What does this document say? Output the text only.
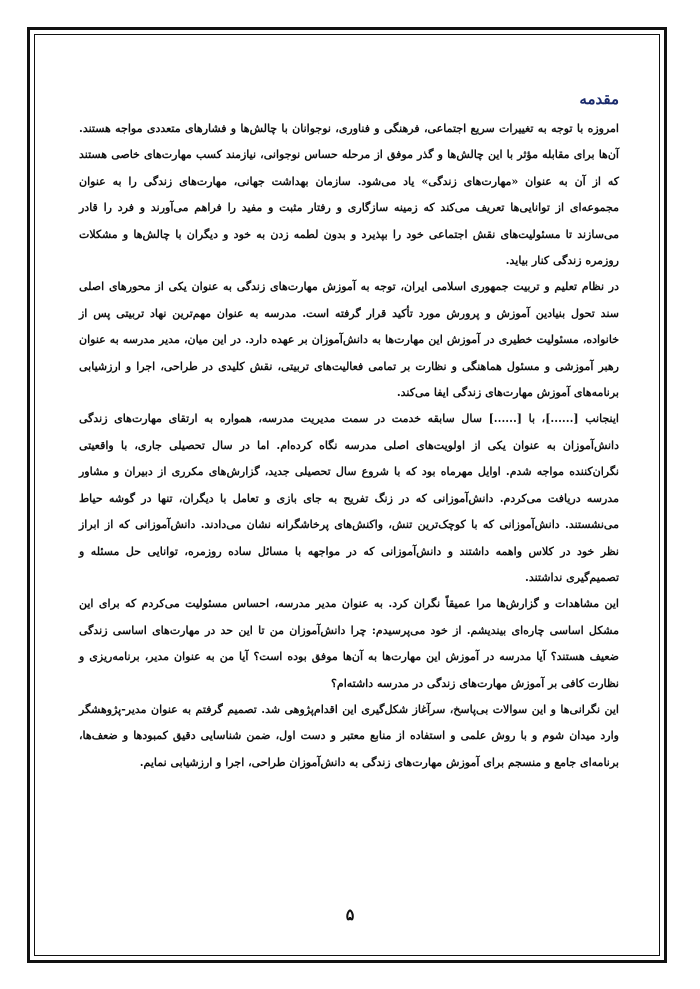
مقدمه

امروزه با توجه به تغییرات سریع اجتماعی، فرهنگی و فناوری، نوجوانان با چالش‌ها و فشارهای متعددی مواجه هستند. آن‌ها برای مقابله مؤثر با این چالش‌ها و گذر موفق از مرحله حساس نوجوانی، نیازمند کسب مهارت‌های خاصی هستند که از آن به عنوان «مهارت‌های زندگی» یاد می‌شود. سازمان بهداشت جهانی، مهارت‌های زندگی را به عنوان مجموعه‌ای از توانایی‌ها تعریف می‌کند که زمینه سازگاری و رفتار مثبت و مفید را فراهم می‌آورند و فرد را قادر می‌سازند تا مسئولیت‌های نقش اجتماعی خود را بپذیرد و بدون لطمه زدن به خود و دیگران با چالش‌ها و مشکلات روزمره زندگی کنار بیاید.

در نظام تعلیم و تربیت جمهوری اسلامی ایران، توجه به آموزش مهارت‌های زندگی به عنوان یکی از محورهای اصلی سند تحول بنیادین آموزش و پرورش مورد تأکید قرار گرفته است. مدرسه به عنوان مهم‌ترین نهاد تربیتی پس از خانواده، مسئولیت خطیری در آموزش این مهارت‌ها به دانش‌آموزان بر عهده دارد. در این میان، مدیر مدرسه به عنوان رهبر آموزشی و مسئول هماهنگی و نظارت بر تمامی فعالیت‌های تربیتی، نقش کلیدی در طراحی، اجرا و ارزشیابی برنامه‌های آموزش مهارت‌های زندگی ایفا می‌کند.

اینجانب [......]، با [......] سال سابقه خدمت در سمت مدیریت مدرسه، همواره به ارتقای مهارت‌های زندگی دانش‌آموزان به عنوان یکی از اولویت‌های اصلی مدرسه نگاه کرده‌ام. اما در سال تحصیلی جاری، با واقعیتی نگران‌کننده مواجه شدم. اوایل مهرماه بود که با شروع سال تحصیلی جدید، گزارش‌های مکرری از دبیران و مشاور مدرسه دریافت می‌کردم. دانش‌آموزانی که در زنگ تفریح به جای بازی و تعامل با دیگران، تنها در گوشه حیاط می‌نشستند. دانش‌آموزانی که با کوچک‌ترین تنش، واکنش‌های پرخاشگرانه نشان می‌دادند. دانش‌آموزانی که از ابراز نظر خود در کلاس واهمه داشتند و دانش‌آموزانی که در مواجهه با مسائل ساده روزمره، توانایی حل مسئله و تصمیم‌گیری نداشتند.

این مشاهدات و گزارش‌ها مرا عمیقاً نگران کرد. به عنوان مدیر مدرسه، احساس مسئولیت می‌کردم که برای این مشکل اساسی چاره‌ای بیندیشم. از خود می‌پرسیدم: چرا دانش‌آموزان من تا این حد در مهارت‌های اساسی زندگی ضعیف هستند؟ آیا مدرسه در آموزش این مهارت‌ها به آن‌ها موفق بوده است؟ آیا من به عنوان مدیر، برنامه‌ریزی و نظارت کافی بر آموزش مهارت‌های زندگی در مدرسه داشته‌ام؟

این نگرانی‌ها و این سوالات بی‌پاسخ، سرآغاز شکل‌گیری این اقدام‌پژوهی شد. تصمیم گرفتم به عنوان مدیر-پژوهشگر وارد میدان شوم و با روش علمی و استفاده از منابع معتبر و دست اول، ضمن شناسایی دقیق کمبودها و ضعف‌ها، برنامه‌ای جامع و منسجم برای آموزش مهارت‌های زندگی به دانش‌آموزان طراحی، اجرا و ارزشیابی نمایم.

۵
